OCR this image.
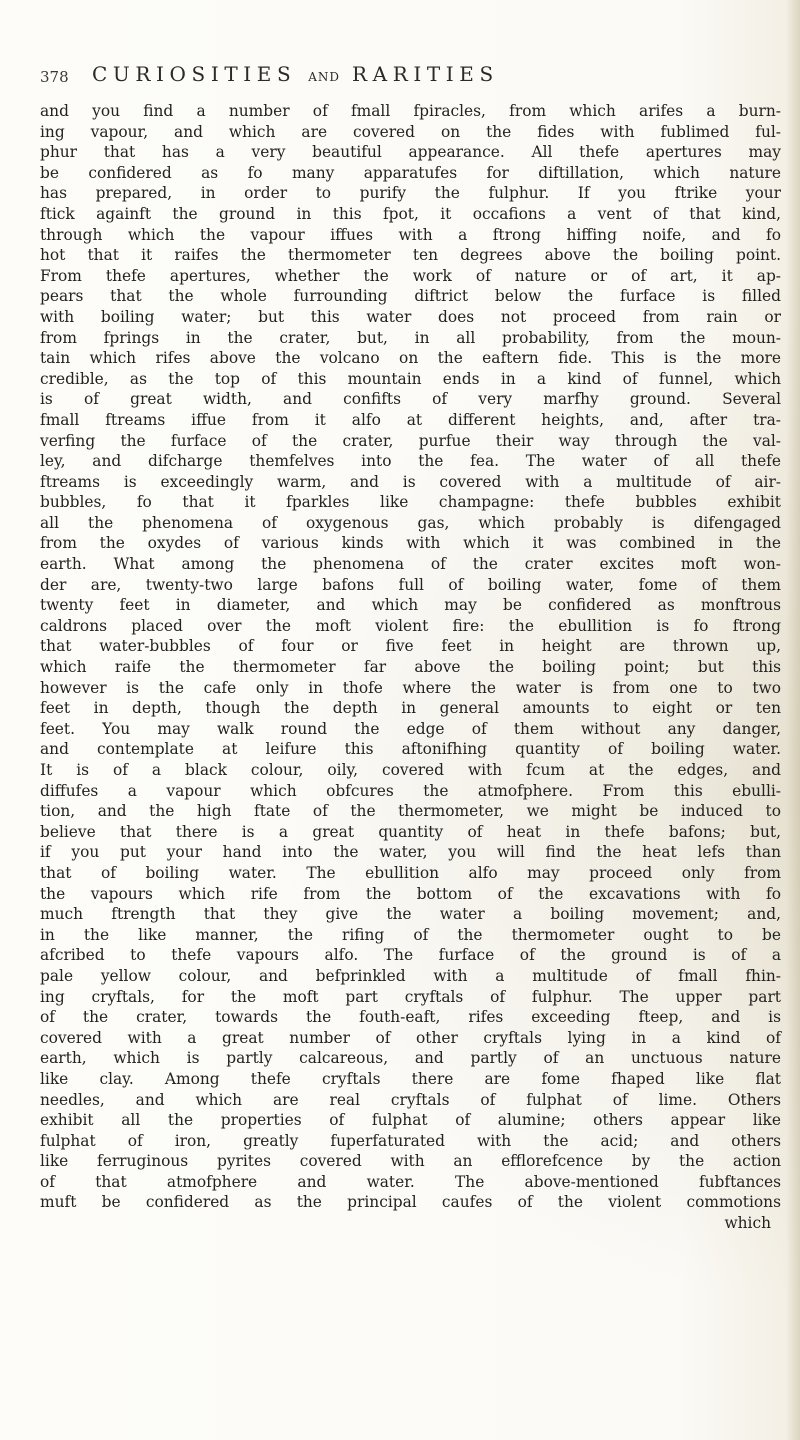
378 CURIOSITIES AND RARITIES
and you find a number of fmall fpiracles, from which arifes a burn-
ing vapour, and which are covered on the fides with fublimed ful-
phur that has a very beautiful appearance. All thefe apertures may
be confidered as fo many apparatufes for diftillation, which nature
has prepared, in order to purify the fulphur. If you ftrike your
ftick againft the ground in this fpot, it occafions a vent of that kind,
through which the vapour iffues with a ftrong hiffing noife, and fo
hot that it raifes the thermometer ten degrees above the boiling point.
From thefe apertures, whether the work of nature or of art, it ap-
pears that the whole furrounding diftrict below the furface is filled
with boiling water; but this water does not proceed from rain or
from fprings in the crater, but, in all probability, from the moun-
tain which rifes above the volcano on the eaftern fide. This is the more
credible, as the top of this mountain ends in a kind of funnel, which
is of great width, and confifts of very marfhy ground. Several
fmall ftreams iffue from it alfo at different heights, and, after tra-
verfing the furface of the crater, purfue their way through the val-
ley, and difcharge themfelves into the fea. The water of all thefe
ftreams is exceedingly warm, and is covered with a multitude of air-
bubbles, fo that it fparkles like champagne: thefe bubbles exhibit
all the phenomena of oxygenous gas, which probably is difengaged
from the oxydes of various kinds with which it was combined in the
earth. What among the phenomena of the crater excites moft won-
der are, twenty-two large bafons full of boiling water, fome of them
twenty feet in diameter, and which may be confidered as monftrous
caldrons placed over the moft violent fire: the ebullition is fo ftrong
that water-bubbles of four or five feet in height are thrown up,
which raife the thermometer far above the boiling point; but this
however is the cafe only in thofe where the water is from one to two
feet in depth, though the depth in general amounts to eight or ten
feet. You may walk round the edge of them without any danger,
and contemplate at leifure this aftonifhing quantity of boiling water.
It is of a black colour, oily, covered with fcum at the edges, and
diffufes a vapour which obfcures the atmofphere. From this ebulli-
tion, and the high ftate of the thermometer, we might be induced to
believe that there is a great quantity of heat in thefe bafons; but,
if you put your hand into the water, you will find the heat lefs than
that of boiling water. The ebullition alfo may proceed only from
the vapours which rife from the bottom of the excavations with fo
much ftrength that they give the water a boiling movement; and,
in the like manner, the rifing of the thermometer ought to be
afcribed to thefe vapours alfo. The furface of the ground is of a
pale yellow colour, and befprinkled with a multitude of fmall fhin-
ing cryftals, for the moft part cryftals of fulphur. The upper part
of the crater, towards the fouth-eaft, rifes exceeding fteep, and is
covered with a great number of other cryftals lying in a kind of
earth, which is partly calcareous, and partly of an unctuous nature
like clay. Among thefe cryftals there are fome fhaped like flat
needles, and which are real cryftals of fulphat of lime. Others
exhibit all the properties of fulphat of alumine; others appear like
fulphat of iron, greatly fuperfaturated with the acid; and others
like ferruginous pyrites covered with an efflorefcence by the action
of that atmofphere and water. The above-mentioned fubftances
muft be confidered as the principal caufes of the violent commotions
which
